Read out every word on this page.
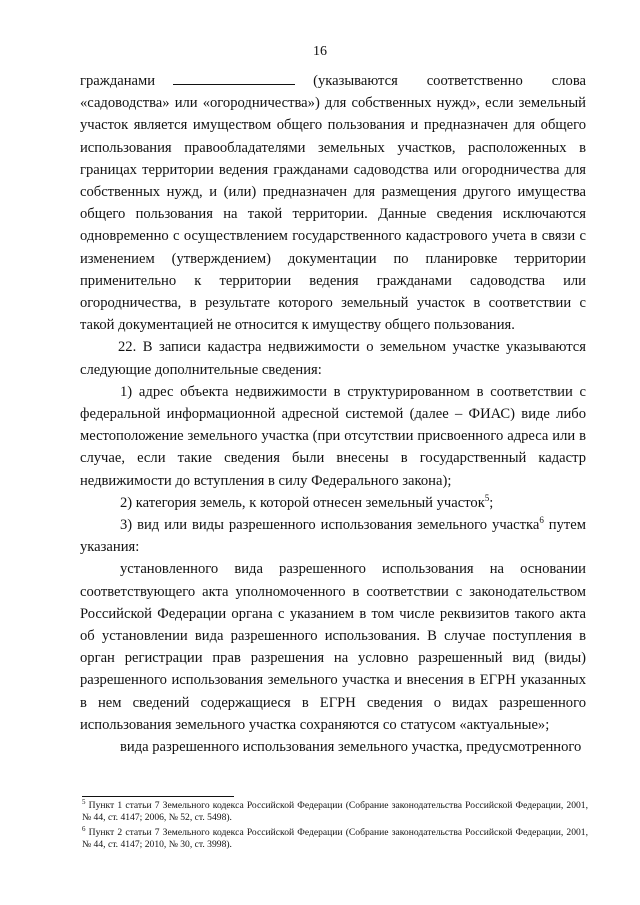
16

гражданами	(указываются соответственно слова «садоводства» или «огородничества») для собственных нужд», если земельный участок является имуществом общего пользования и предназначен для общего использования правообладателями земельных участков, расположенных в границах территории ведения гражданами садоводства или огородничества для собственных нужд, и (или) предназначен для размещения другого имущества общего пользования на такой территории. Данные сведения исключаются одновременно с осуществлением государственного кадастрового учета в связи с изменением (утверждением) документации по планировке территории применительно к территории ведения гражданами садоводства или огородничества, в результате которого земельный участок в соответствии с такой документацией не относится к имуществу общего пользования.

22. В записи кадастра недвижимости о земельном участке указываются следующие дополнительные сведения:

1) адрес объекта недвижимости в структурированном в соответствии с федеральной информационной адресной системой (далее – ФИАС) виде либо местоположение земельного участка (при отсутствии присвоенного адреса или в случае, если такие сведения были внесены в государственный кадастр недвижимости до вступления в силу Федерального закона);

2) категория земель, к которой отнесен земельный участок$^5$;

3) вид или виды разрешенного использования земельного участка$^6$ путем указания:

установленного вида разрешенного использования на основании соответствующего акта уполномоченного в соответствии с законодательством Российской Федерации органа с указанием в том числе реквизитов такого акта об установлении вида разрешенного использования. В случае поступления в орган регистрации прав разрешения на условно разрешенный вид (виды) разрешенного использования земельного участка и внесения в ЕГРН указанных в нем сведений содержащиеся в ЕГРН сведения о видах разрешенного использования земельного участка сохраняются со статусом «актуальные»;

вида разрешенного использования земельного участка, предусмотренного

$^5$ Пункт 1 статьи 7 Земельного кодекса Российской Федерации (Собрание законодательства Российской Федерации, 2001, № 44, ст. 4147; 2006, № 52, ст. 5498).

$^6$ Пункт 2 статьи 7 Земельного кодекса Российской Федерации (Собрание законодательства Российской Федерации, 2001, № 44, ст. 4147; 2010, № 30, ст. 3998).
